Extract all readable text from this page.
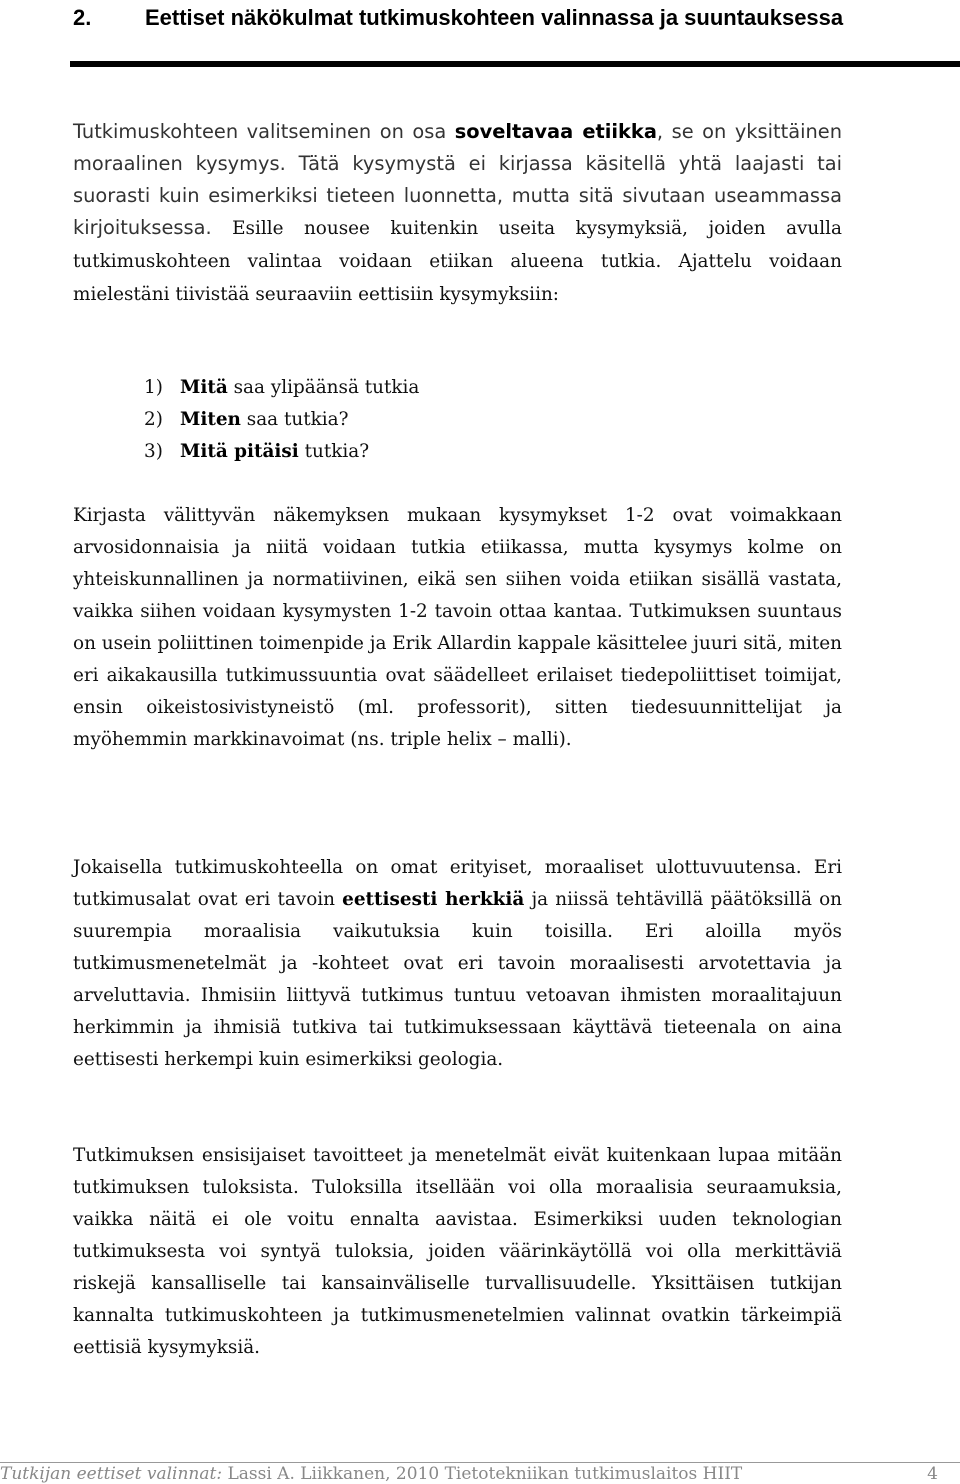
2. Eettiset näkökulmat tutkimuskohteen valinnassa ja suuntauksessa

Tutkimuskohteen valitseminen on osa soveltavaa etiikka, se on yksittäinen moraalinen kysymys. Tätä kysymystä ei kirjassa käsitellä yhtä laajasti tai suorasti kuin esimerkiksi tieteen luonnetta, mutta sitä sivutaan useammassa kirjoituksessa. Esille nousee kuitenkin useita kysymyksiä, joiden avulla tutkimuskohteen valintaa voidaan etiikan alueena tutkia. Ajattelu voidaan mielestäni tiivistää seuraaviin eettisiin kysymyksiin:

1) Mitä saa ylipäänsä tutkia
2) Miten saa tutkia?
3) Mitä pitäisi tutkia?

Kirjasta välittyvän näkemyksen mukaan kysymykset 1-2 ovat voimakkaan arvosidonnaisia ja niitä voidaan tutkia etiikassa, mutta kysymys kolme on yhteiskunnallinen ja normatiivinen, eikä sen siihen voida etiikan sisällä vastata, vaikka siihen voidaan kysymysten 1-2 tavoin ottaa kantaa. Tutkimuksen suuntaus on usein poliittinen toimenpide ja Erik Allardin kappale käsittelee juuri sitä, miten eri aikakausilla tutkimussuuntia ovat säädelleet erilaiset tiedepoliittiset toimijat, ensin oikeistosivistyneistö (ml. professorit), sitten tiedesuunnittelijat ja myöhemmin markkinavoimat (ns. triple helix – malli).

Jokaisella tutkimuskohteella on omat erityiset, moraaliset ulottuvuutensa. Eri tutkimusalat ovat eri tavoin eettisesti herkkiä ja niissä tehtävillä päätöksillä on suurempia moraalisia vaikutuksia kuin toisilla. Eri aloilla myös tutkimusmenetelmät ja -kohteet ovat eri tavoin moraalisesti arvotettavia ja arveluttavia. Ihmisiin liittyvä tutkimus tuntuu vetoavan ihmisten moraalitajuun herkimmin ja ihmisiä tutkiva tai tutkimuksessaan käyttävä tieteenala on aina eettisesti herkempi kuin esimerkiksi geologia.

Tutkimuksen ensisijaiset tavoitteet ja menetelmät eivät kuitenkaan lupaa mitään tutkimuksen tuloksista. Tuloksilla itsellään voi olla moraalisia seuraamuksia, vaikka näitä ei ole voitu ennalta aavistaa. Esimerkiksi uuden teknologian tutkimuksesta voi syntyä tuloksia, joiden väärinkäytöllä voi olla merkittäviä riskejä kansalliselle tai kansainväliselle turvallisuudelle. Yksittäisen tutkijan kannalta tutkimuskohteen ja tutkimusmenetelmien valinnat ovatkin tärkeimpiä eettisiä kysymyksiä.

Tutkijan eettiset valinnat: Lassi A. Liikkanen, 2010 Tietotekniikan tutkimuslaitos HIIT	4
